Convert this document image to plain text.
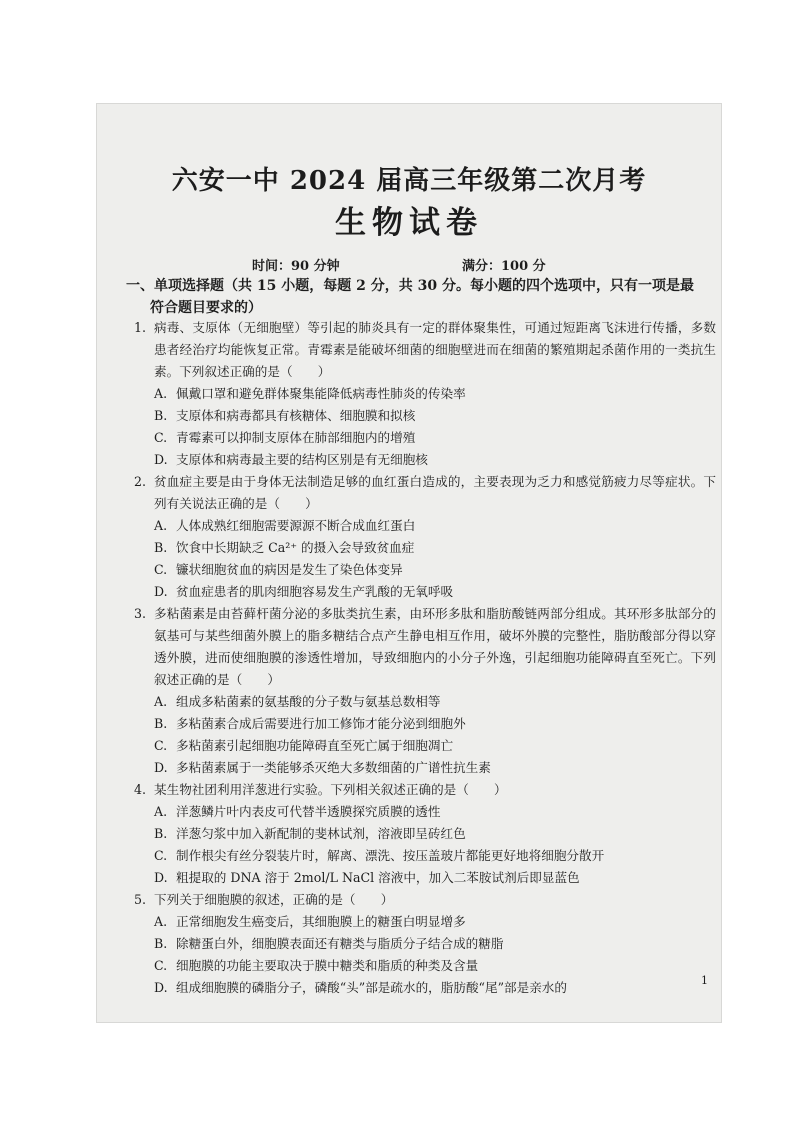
六安一中 2024 届高三年级第二次月考
生物试卷
时间：90 分钟	满分：100 分
一、单项选择题（共 15 小题，每题 2 分，共 30 分。每小题的四个选项中，只有一项是最
符合题目要求的）
1. 病毒、支原体（无细胞壁）等引起的肺炎具有一定的群体聚集性，可通过短距离飞沫进行传播，多数患者经治疗均能恢复正常。青霉素是能破坏细菌的细胞壁进而在细菌的繁殖期起杀菌作用的一类抗生素。下列叙述正确的是（　　）
A. 佩戴口罩和避免群体聚集能降低病毒性肺炎的传染率
B. 支原体和病毒都具有核糖体、细胞膜和拟核
C. 青霉素可以抑制支原体在肺部细胞内的增殖
D. 支原体和病毒最主要的结构区别是有无细胞核
2. 贫血症主要是由于身体无法制造足够的血红蛋白造成的，主要表现为乏力和感觉筋疲力尽等症状。下列有关说法正确的是（　　）
A. 人体成熟红细胞需要源源不断合成血红蛋白
B. 饮食中长期缺乏 Ca²⁺ 的摄入会导致贫血症
C. 镰状细胞贫血的病因是发生了染色体变异
D. 贫血症患者的肌肉细胞容易发生产乳酸的无氧呼吸
3. 多粘菌素是由苔藓杆菌分泌的多肽类抗生素，由环形多肽和脂肪酸链两部分组成。其环形多肽部分的氨基可与某些细菌外膜上的脂多糖结合点产生静电相互作用，破坏外膜的完整性，脂肪酸部分得以穿透外膜，进而使细胞膜的渗透性增加，导致细胞内的小分子外逸，引起细胞功能障碍直至死亡。下列叙述正确的是（　　）
A. 组成多粘菌素的氨基酸的分子数与氨基总数相等
B. 多粘菌素合成后需要进行加工修饰才能分泌到细胞外
C. 多粘菌素引起细胞功能障碍直至死亡属于细胞凋亡
D. 多粘菌素属于一类能够杀灭绝大多数细菌的广谱性抗生素
4. 某生物社团利用洋葱进行实验。下列相关叙述正确的是（　　）
A. 洋葱鳞片叶内表皮可代替半透膜探究质膜的透性
B. 洋葱匀浆中加入新配制的斐林试剂，溶液即呈砖红色
C. 制作根尖有丝分裂装片时，解离、漂洗、按压盖玻片都能更好地将细胞分散开
D. 粗提取的 DNA 溶于 2mol/L NaCl 溶液中，加入二苯胺试剂后即显蓝色
5. 下列关于细胞膜的叙述，正确的是（　　）
A. 正常细胞发生癌变后，其细胞膜上的糖蛋白明显增多
B. 除糖蛋白外，细胞膜表面还有糖类与脂质分子结合成的糖脂
C. 细胞膜的功能主要取决于膜中糖类和脂质的种类及含量
D. 组成细胞膜的磷脂分子，磷酸“头”部是疏水的，脂肪酸“尾”部是亲水的	1
